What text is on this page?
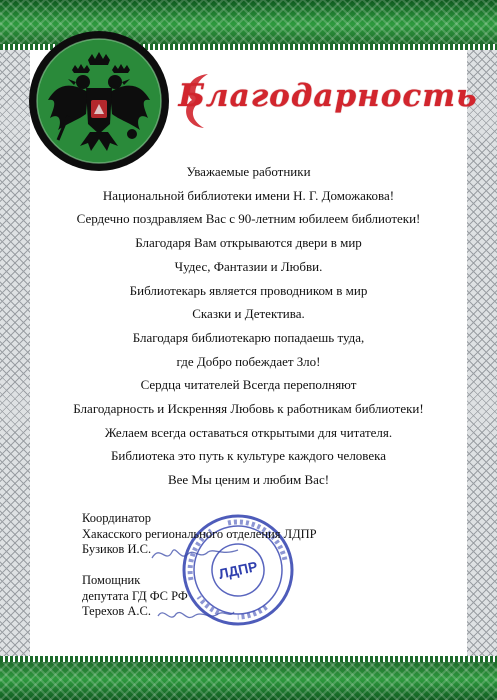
Благодарность
Уважаемые работники
Национальной библиотеки имени Н. Г. Доможакова!
Сердечно поздравляем Вас с 90-летним юбилеем библиотеки!
Благодаря Вам открываются двери в мир
Чудес, Фантазии и Любви.
Библиотекарь является проводником в мир
Сказки и Детектива.
Благодаря библиотекарю попадаешь туда,
где Добро побеждает Зло!
Сердца читателей Всегда переполняют
Благодарность и Искренняя Любовь к работникам библиотеки!
Желаем всегда оставаться открытыми для читателя.
Библиотека это путь к культуре каждого человека
Вее Мы ценим и любим Вас!
ЛДПР
Координатор
Хакасского регионального отделения ЛДПР
Бузиков И.С.
Помощник
депутата ГД ФС РФ
Терехов А.С.
